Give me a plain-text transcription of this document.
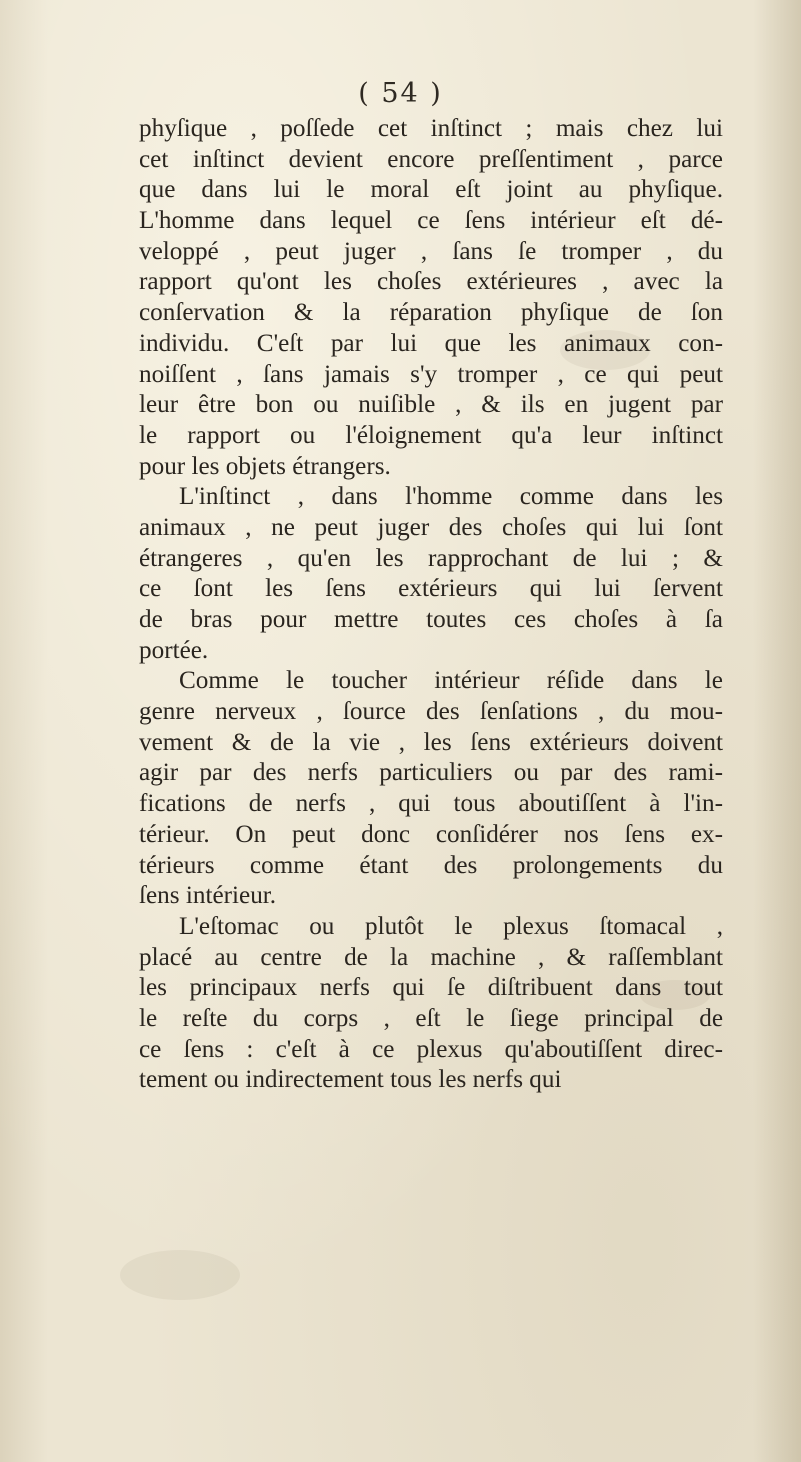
( 54 )
phyſique , poſſede cet inſtinct ; mais chez lui
cet inſtinct devient encore preſſentiment , parce
que dans lui le moral eſt joint au phyſique.
L'homme dans lequel ce ſens intérieur eſt dé-
veloppé , peut juger , ſans ſe tromper , du
rapport qu'ont les choſes extérieures , avec la
conſervation & la réparation phyſique de ſon
individu. C'eſt par lui que les animaux con-
noiſſent , ſans jamais s'y tromper , ce qui peut
leur être bon ou nuiſible , & ils en jugent par
le rapport ou l'éloignement qu'a leur inſtinct
pour les objets étrangers.
L'inſtinct , dans l'homme comme dans les
animaux , ne peut juger des choſes qui lui ſont
étrangeres , qu'en les rapprochant de lui ; &
ce ſont les ſens extérieurs qui lui ſervent
de bras pour mettre toutes ces choſes à ſa
portée.
Comme le toucher intérieur réſide dans le
genre nerveux , ſource des ſenſations , du mou-
vement & de la vie , les ſens extérieurs doivent
agir par des nerfs particuliers ou par des rami-
fications de nerfs , qui tous aboutiſſent à l'in-
térieur. On peut donc conſidérer nos ſens ex-
térieurs comme étant des prolongements du
ſens intérieur.
L'eſtomac ou plutôt le plexus ſtomacal ,
placé au centre de la machine , & raſſemblant
les principaux nerfs qui ſe diſtribuent dans tout
le reſte du corps , eſt le ſiege principal de
ce ſens : c'eſt à ce plexus qu'aboutiſſent direc-
tement ou indirectement tous les nerfs qui
